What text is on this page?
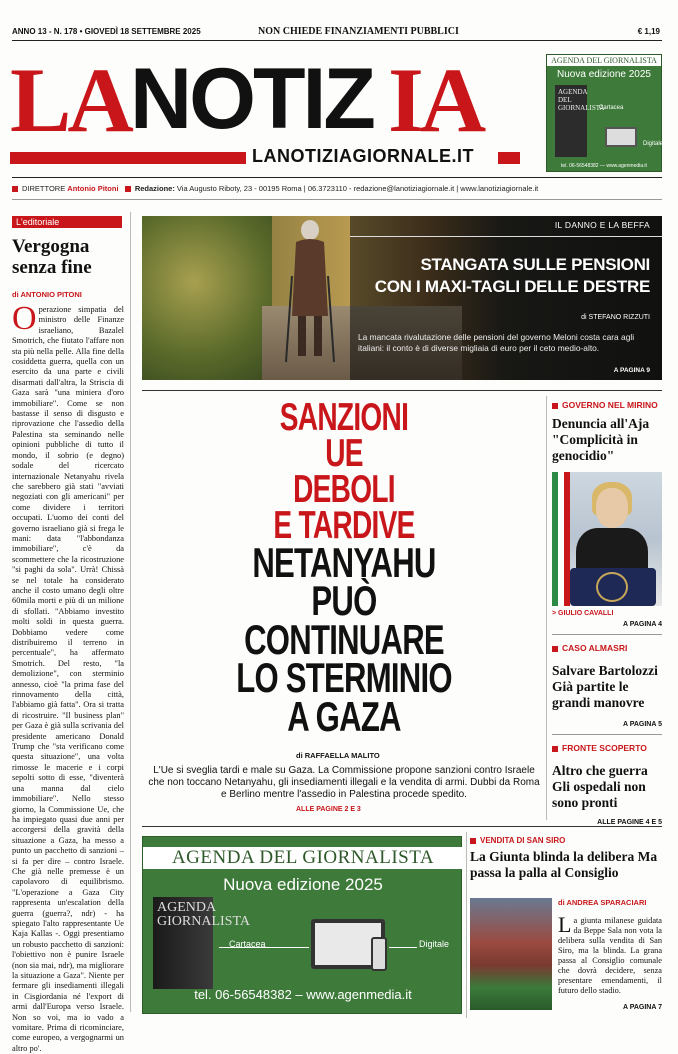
ANNO 13 - N. 178 • GIOVEDÌ 18 SETTEMBRE 2025	NON CHIEDE FINANZIAMENTI PUBBLICI	€ 1,19
LA NOTIZ IA
LANOTIZIAGIORNALE.IT
AGENDA DEL GIORNALISTA
Nuova edizione 2025
AGENDA DEL GIORNALISTA
Cartacea
Digitale
tel. 06-56548382 — www.agenmedia.it
DIRETTORE Antonio Pitoni Redazione: Via Augusto Riboty, 23 - 00195 Roma | 06.3723110 - redazione@lanotiziagiornale.it | www.lanotiziagiornale.it
L'editoriale
Vergogna senza fine
di ANTONIO PITONI
Operazione simpatia del ministro delle Finanze israeliano, Bazalel Smotrich, che fiutato l'affare non sta più nella pelle. Alla fine della cosiddetta guerra, quella con un esercito da una parte e civili disarmati dall'altra, la Striscia di Gaza sarà "una miniera d'oro immobiliare". Come se non bastasse il senso di disgusto e riprovazione che l'assedio della Palestina sta seminando nelle opinioni pubbliche di tutto il mondo, il sobrio (e degno) sodale del ricercato internazionale Netanyahu rivela che sarebbero già stati "avviati negoziati con gli americani" per come dividere i territori occupati. L'uomo dei conti del governo israeliano già si frega le mani: data "l'abbondanza immobiliare", c'è da scommettere che la ricostruzione "si paghi da sola". Urrà! Chissà se nel totale ha considerato anche il costo umano degli oltre 60mila morti e più di un milione di sfollati. "Abbiamo investito molti soldi in questa guerra. Dobbiamo vedere come distribuiremo il terreno in percentuale", ha affermato Smotrich. Del resto, "la demolizione", con sterminio annesso, cioè "la prima fase del rinnovamento della città, l'abbiamo già fatta". Ora si tratta di ricostruire. "Il business plan" per Gaza è già sulla scrivania del presidente americano Donald Trump che "sta verificano come questa situazione", una volta rimosse le macerie e i corpi sepolti sotto di esse, "diventerà una manna dal cielo immobiliare". Nello stesso giorno, la Commissione Ue, che ha impiegato quasi due anni per accorgersi della gravità della situazione a Gaza, ha messo a punto un pacchetto di sanzioni – si fa per dire – contro Israele. Che già nelle premesse è un capolavoro di equilibrismo. "L'operazione a Gaza City rappresenta un'escalation della guerra (guerra?, ndr) - ha spiegato l'alto rappresentante Ue Kaja Kallas -. Oggi presentiamo un robusto pacchetto di sanzioni: l'obiettivo non è punire Israele (non sia mai, ndr), ma migliorare la situazione a Gaza". Niente per fermare gli insediamenti illegali in Cisgiordania né l'export di armi dall'Europa verso Israele. Non so voi, ma io vado a vomitare. Prima di ricominciare, come europeo, a vergognarmi un altro po'.
IL DANNO E LA BEFFA
STANGATA SULLE PENSIONI
CON I MAXI-TAGLI DELLE DESTRE
di STEFANO RIZZUTI
La mancata rivalutazione delle pensioni del governo Meloni costa cara agli italiani: il conto è di diverse migliaia di euro per il ceto medio-alto.
A PAGINA 9
SANZIONI
UE
DEBOLI
E TARDIVE
NETANYAHU
PUÒ
CONTINUARE
LO STERMINIO
A GAZA
di RAFFAELLA MALITO
L'Ue si sveglia tardi e male su Gaza. La Commissione propone sanzioni contro Israele che non toccano Netanyahu, gli insediamenti illegali e la vendita di armi. Dubbi da Roma e Berlino mentre l'assedio in Palestina procede spedito.
ALLE PAGINE 2 E 3
GOVERNO NEL MIRINO
Denuncia all'Aja "Complicità in genocidio"
> GIULIO CAVALLI
A PAGINA 4
CASO ALMASRI
Salvare Bartolozzi Già partite le grandi manovre
A PAGINA 5
FRONTE SCOPERTO
Altro che guerra Gli ospedali non sono pronti
ALLE PAGINE 4 E 5
AGENDA DEL GIORNALISTA
Nuova edizione 2025
AGENDA GIORNALISTA
Cartacea	Digitale
tel. 06-56548382 – www.agenmedia.it
VENDITA DI SAN SIRO
La Giunta blinda la delibera Ma passa la palla al Consiglio
di ANDREA SPARACIARI
La giunta milanese guidata da Beppe Sala non vota la delibera sulla vendita di San Siro, ma la blinda. La grana passa al Consiglio comunale che dovrà decidere, senza presentare emendamenti, il futuro dello stadio.
A PAGINA 7
